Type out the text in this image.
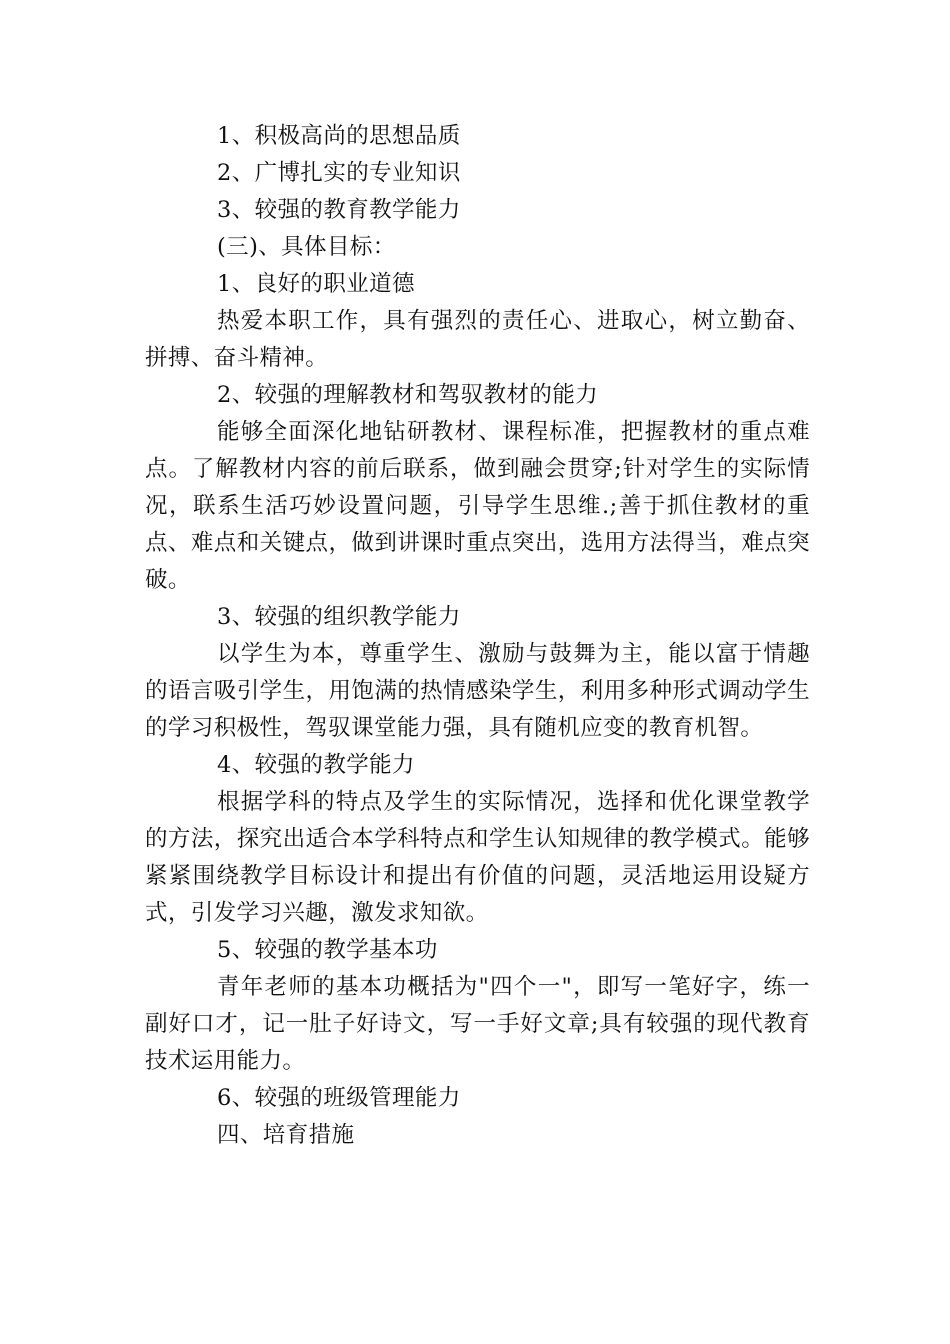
1、积极高尚的思想品质
2、广博扎实的专业知识
3、较强的教育教学能力
(三)、具体目标：
1、良好的职业道德
热爱本职工作，具有强烈的责任心、进取心，树立勤奋、拼搏、奋斗精神。
2、较强的理解教材和驾驭教材的能力
能够全面深化地钻研教材、课程标准，把握教材的重点难点。了解教材内容的前后联系，做到融会贯穿;针对学生的实际情况，联系生活巧妙设置问题，引导学生思维.;善于抓住教材的重点、难点和关键点，做到讲课时重点突出，选用方法得当，难点突破。
3、较强的组织教学能力
以学生为本，尊重学生、激励与鼓舞为主，能以富于情趣的语言吸引学生，用饱满的热情感染学生，利用多种形式调动学生的学习积极性，驾驭课堂能力强，具有随机应变的教育机智。
4、较强的教学能力
根据学科的特点及学生的实际情况，选择和优化课堂教学的方法，探究出适合本学科特点和学生认知规律的教学模式。能够紧紧围绕教学目标设计和提出有价值的问题，灵活地运用设疑方式，引发学习兴趣，激发求知欲。
5、较强的教学基本功
青年老师的基本功概括为"四个一"，即写一笔好字，练一副好口才，记一肚子好诗文，写一手好文章;具有较强的现代教育技术运用能力。
6、较强的班级管理能力
四、培育措施
